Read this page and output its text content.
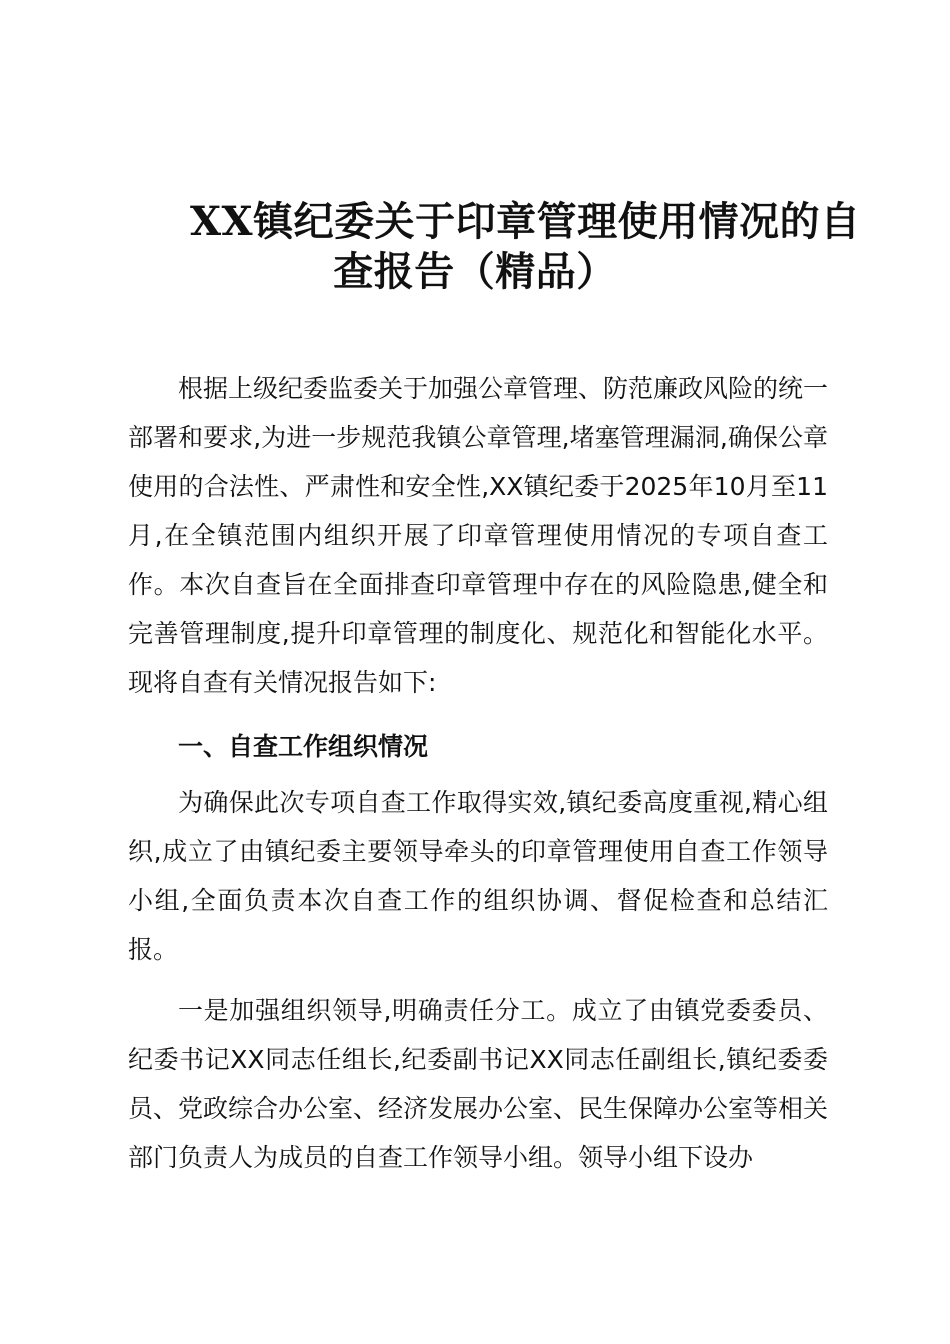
XX镇纪委关于印章管理使用情况的自
查报告（精品）

根据上级纪委监委关于加强公章管理、防范廉政风险的统一部署和要求,为进一步规范我镇公章管理,堵塞管理漏洞,确保公章使用的合法性、严肃性和安全性,XX镇纪委于2025年10月至11月,在全镇范围内组织开展了印章管理使用情况的专项自查工作。本次自查旨在全面排查印章管理中存在的风险隐患,健全和完善管理制度,提升印章管理的制度化、规范化和智能化水平。现将自查有关情况报告如下:

一、自查工作组织情况

为确保此次专项自查工作取得实效,镇纪委高度重视,精心组织,成立了由镇纪委主要领导牵头的印章管理使用自查工作领导小组,全面负责本次自查工作的组织协调、督促检查和总结汇报。

一是加强组织领导,明确责任分工。成立了由镇党委委员、纪委书记XX同志任组长,纪委副书记XX同志任副组长,镇纪委委员、党政综合办公室、经济发展办公室、民生保障办公室等相关部门负责人为成员的自查工作领导小组。领导小组下设办
